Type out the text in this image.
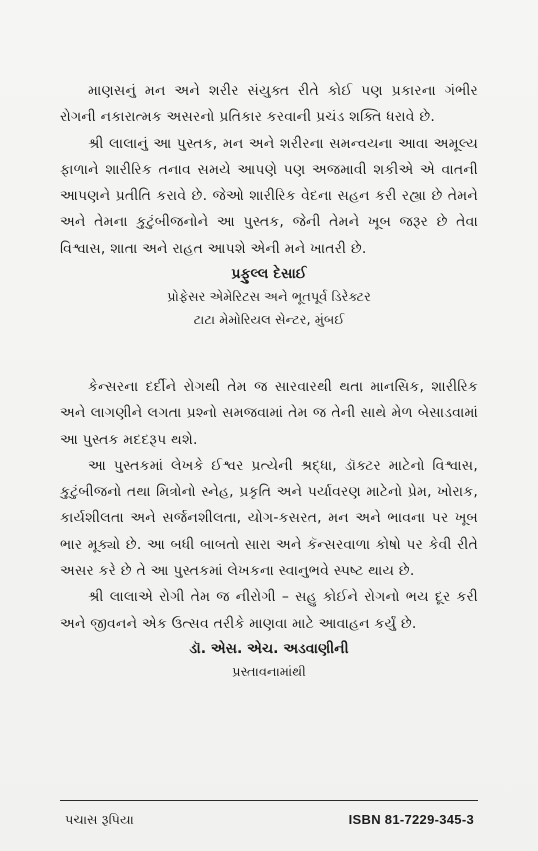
માણસનું મન અને શરીર સંયુક્ત રીતે કોઈ પણ પ્રકારના ગંભીર રોગની નકારાત્મક અસરનો પ્રતિકાર કરવાની પ્રચંડ શક્તિ ધરાવે છે.

શ્રી લાલાનું આ પુસ્તક, મન અને શરીરના સમન્વયના આવા અમૂલ્ય ફાળાને શારીરિક તનાવ સમયે આપણે પણ અજમાવી શકીએ એ વાતની આપણને પ્રતીતિ કરાવે છે. જેઓ શારીરિક વેદના સહન કરી રહ્યા છે તેમને અને તેમના કુટુંબીજનોને આ પુસ્તક, જેની તેમને ખૂબ જરૂર છે તેવા વિશ્વાસ, શાતા અને રાહત આપશે એની મને ખાતરી છે.

પ્રફુલ્લ દેસાઈ

પ્રોફેસર એમેરિટસ અને ભૂતપૂર્વ ડિરેક્ટર

ટાટા મેમોરિયલ સેન્ટર, મુંબઈ

કેન્સરના દર્દીને રોગથી તેમ જ સારવારથી થતા માનસિક, શારીરિક અને લાગણીને લગતા પ્રશ્નો સમજવામાં તેમ જ તેની સાથે મેળ બેસાડવામાં આ પુસ્તક મદદરૂપ થશે.

આ પુસ્તકમાં લેખકે ઈશ્વર પ્રત્યેની શ્રદ્ધા, ડૉક્ટર માટેનો વિશ્વાસ, કુટુંબીજનો તથા મિત્રોનો સ્નેહ, પ્રકૃતિ અને પર્યાવરણ માટેનો પ્રેમ, ખોરાક, કાર્યશીલતા અને સર્જનશીલતા, યોગ-કસરત, મન અને ભાવના પર ખૂબ ભાર મૂક્યો છે. આ બધી બાબતો સારા અને કૅન્સરવાળા કોષો પર કેવી રીતે અસર કરે છે તે આ પુસ્તકમાં લેખકના સ્વાનુભવે સ્પષ્ટ થાય છે.

શ્રી લાલાએ રોગી તેમ જ નીરોગી – સહુ કોઈને રોગનો ભય દૂર કરી અને જીવનને એક ઉત્સવ તરીકે માણવા માટે આવાહન કર્યું છે.

ડૉ. એસ. એચ. અડવાણીની

પ્રસ્તાવનામાંથી

પચાસ રૂપિયા	ISBN 81-7229-345-3
